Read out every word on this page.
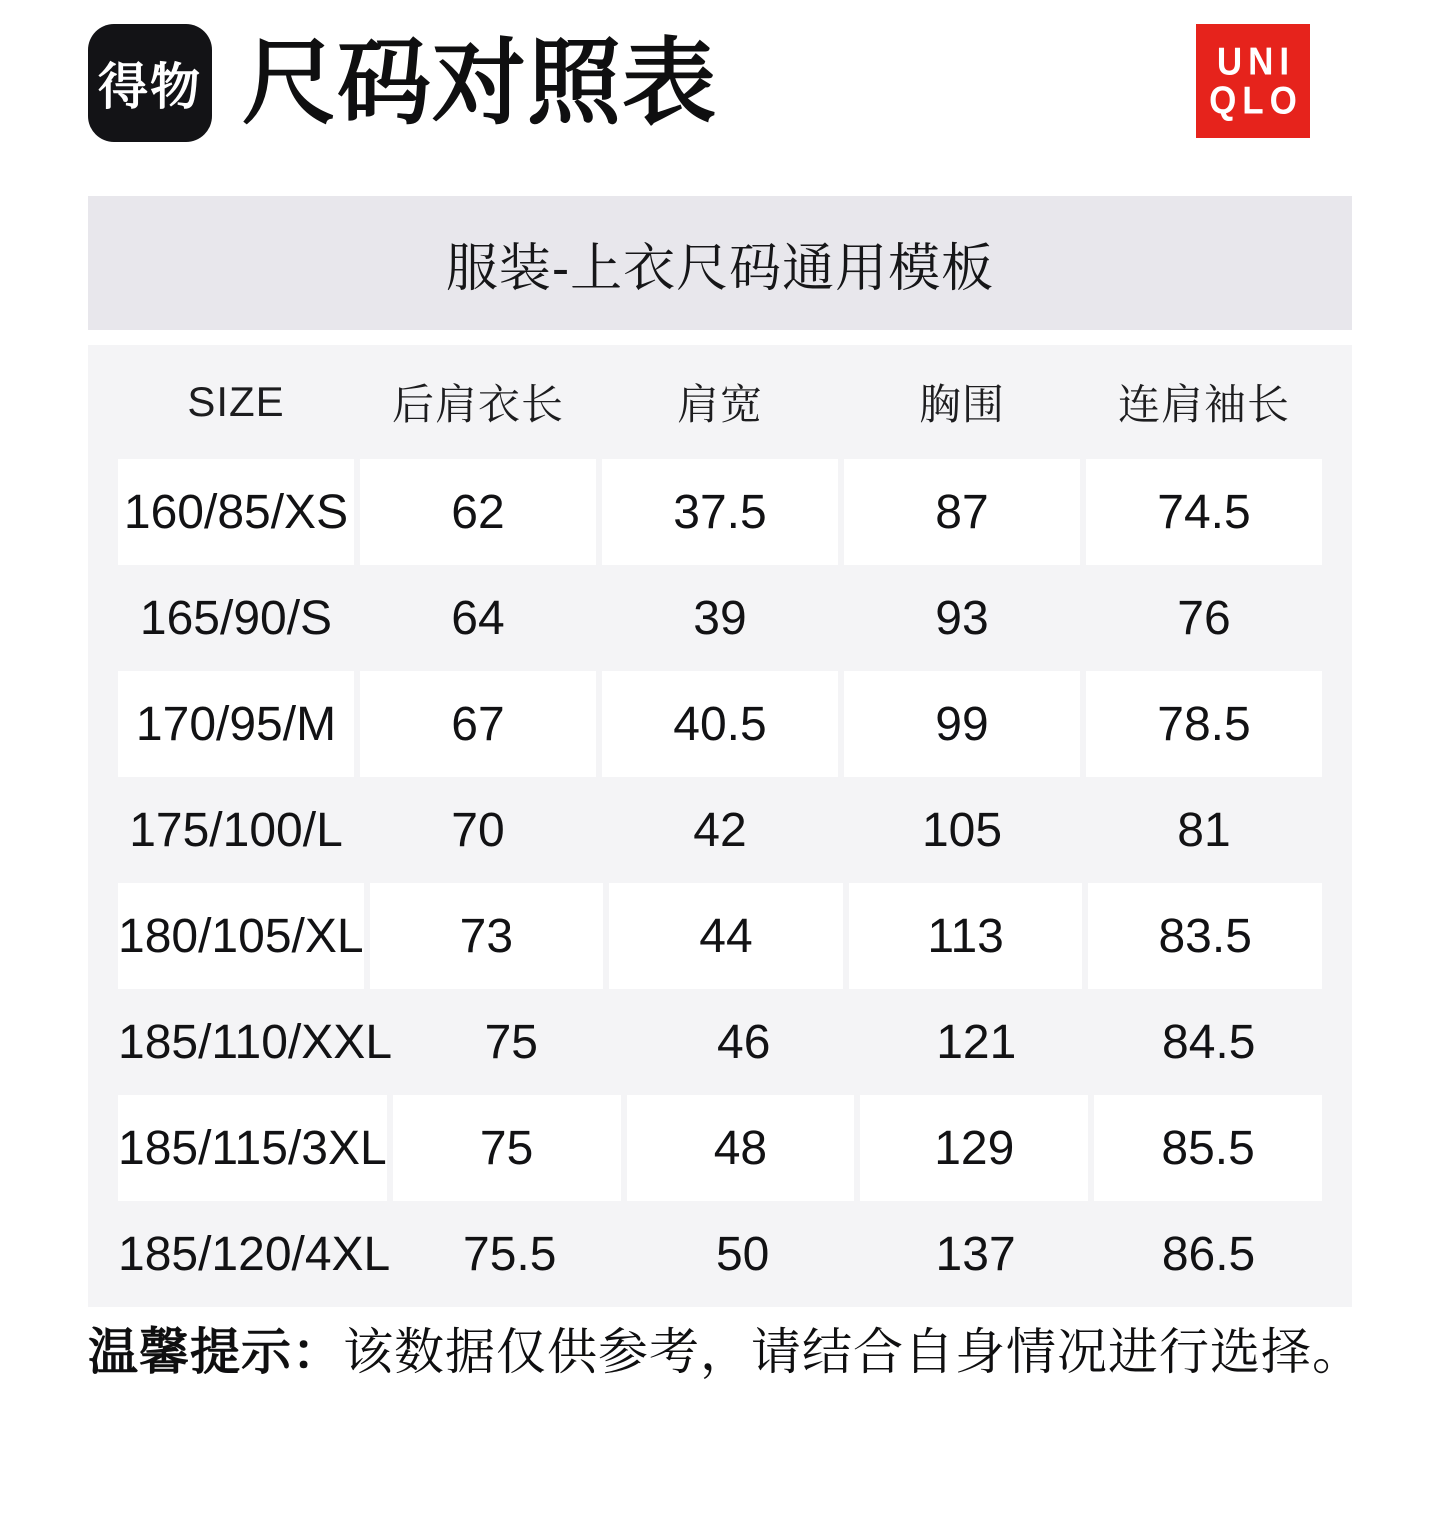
得物 尺码对照表	UNI
QLO
服装-上衣尺码通用模板
SIZE	后肩衣长	肩宽	胸围	连肩袖长
160/85/XS	62	37.5	87	74.5
165/90/S	64	39	93	76
170/95/M	67	40.5	99	78.5
175/100/L	70	42	105	81
180/105/XL	73	44	113	83.5
185/110/XXL	75	46	121	84.5
185/115/3XL	75	48	129	85.5
185/120/4XL	75.5	50	137	86.5
温馨提示：该数据仅供参考，请结合自身情况进行选择。
